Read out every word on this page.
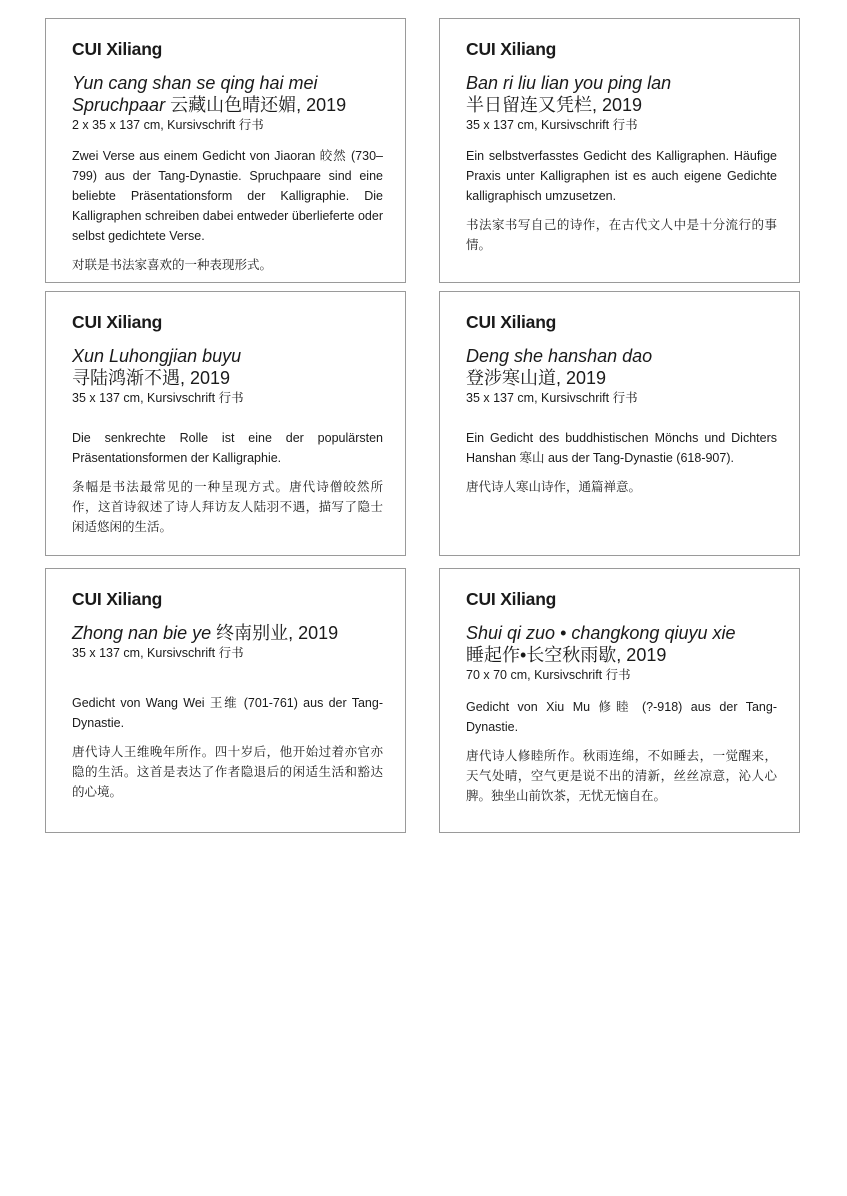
CUI Xiliang
Yun cang shan se qing hai mei
Spruchpaar 云藏山色晴还媚, 2019
2 x 35 x 137 cm, Kursivschrift 行书
Zwei Verse aus einem Gedicht von Jiaoran 皎然 (730–799) aus der Tang-Dynastie. Spruchpaare sind eine beliebte Präsentationsform der Kalligraphie. Die Kalligraphen schreiben dabei entweder überlieferte oder selbst gedichtete Verse.
对联是书法家喜欢的一种表现形式。
CUI Xiliang
Ban ri liu lian you ping lan
半日留连又凭栏, 2019
35 x 137 cm, Kursivschrift 行书
Ein selbstverfasstes Gedicht des Kalligraphen. Häufige Praxis unter Kalligraphen ist es auch eigene Gedichte kalligraphisch umzusetzen.
书法家书写自己的诗作，在古代文人中是十分流行的事情。
CUI Xiliang
Xun Luhongjian buyu
寻陆鸿渐不遇, 2019
35 x 137 cm, Kursivschrift 行书
Die senkrechte Rolle ist eine der populärsten Präsentationsformen der Kalligraphie.
条幅是书法最常见的一种呈现方式。唐代诗僧皎然所作，这首诗叙述了诗人拜访友人陆羽不遇，描写了隐士闲适悠闲的生活。
CUI Xiliang
Deng she hanshan dao
登涉寒山道, 2019
35 x 137 cm, Kursivschrift 行书
Ein Gedicht des buddhistischen Mönchs und Dichters Hanshan 寒山 aus der Tang-Dynastie (618-907).
唐代诗人寒山诗作，通篇禅意。
CUI Xiliang
Zhong nan bie ye 终南别业, 2019
35 x 137 cm, Kursivschrift 行书
Gedicht von Wang Wei 王维 (701-761) aus der Tang-Dynastie.
唐代诗人王维晚年所作。四十岁后，他开始过着亦官亦隐的生活。这首是表达了作者隐退后的闲适生活和豁达的心境。
CUI Xiliang
Shui qi zuo • changkong qiuyu xie
睡起作•长空秋雨歇, 2019
70 x 70 cm, Kursivschrift 行书
Gedicht von Xiu Mu 修睦 (?-918) aus der Tang-Dynastie.
唐代诗人修睦所作。秋雨连绵，不如睡去，一觉醒来，天气处晴，空气更是说不出的清新，丝丝凉意，沁人心脾。独坐山前饮茶，无忧无恼自在。
